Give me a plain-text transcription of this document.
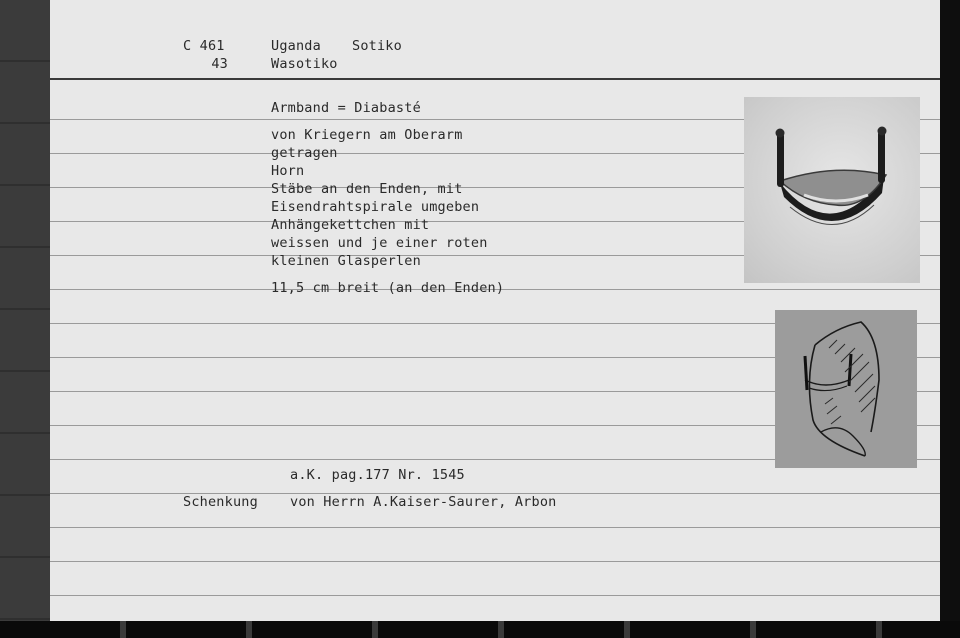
C 461
43
Uganda Sotiko
Wasotiko
Armband = Diabasté
von Kriegern am Oberarm
getragen
Horn
Stäbe an den Enden, mit
Eisendrahtspirale umgeben
Anhängekettchen mit
weissen und je einer roten
kleinen Glasperlen
11,5 cm breit (an den Enden)
a.K. pag.177 Nr. 1545
Schenkung von Herrn A.Kaiser-Saurer, Arbon
